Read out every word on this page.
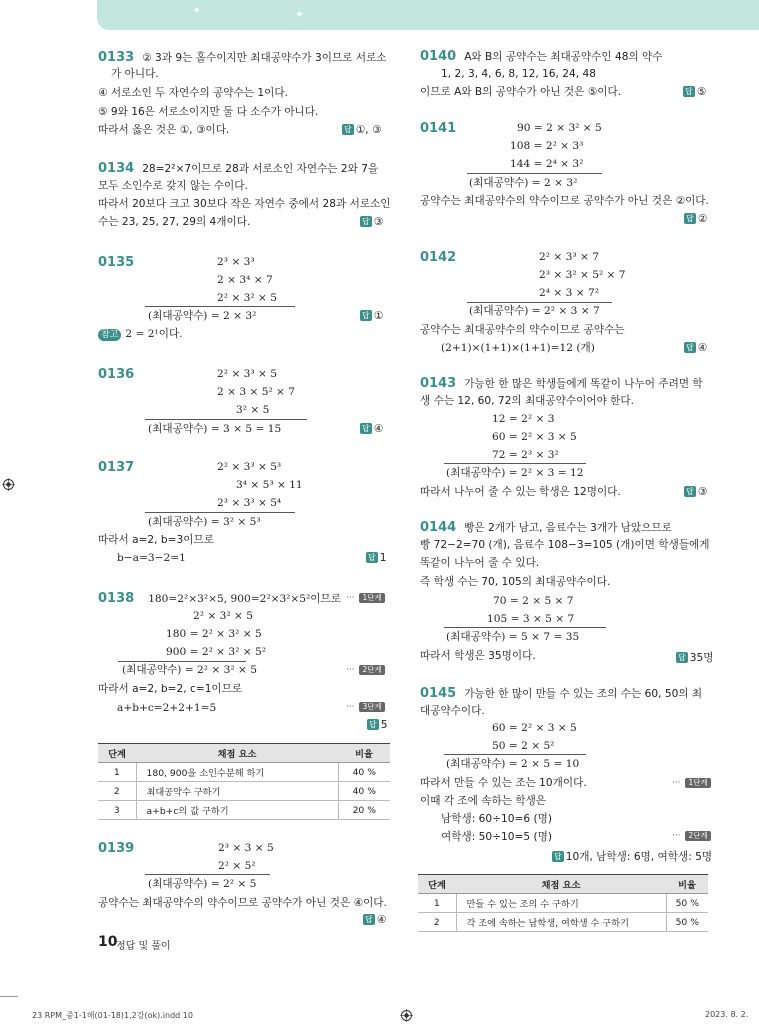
✦	✦
0133 ② 3과 9는 홀수이지만 최대공약수가 3이므로 서로소
가 아니다.
④ 서로소인 두 자연수의 공약수는 1이다.
⑤ 9와 16은 서로소이지만 둘 다 소수가 아니다.
따라서 옳은 것은 ①, ③이다.	답 ①, ③
0134 28=2²×7이므로 28과 서로소인 자연수는 2와 7을
모두 소인수로 갖지 않는 수이다.
따라서 20보다 크고 30보다 작은 자연수 중에서 28과 서로소인
수는 23, 25, 27, 29의 4개이다.	답 ③
0135	2³ × 3³
2 × 3⁴ × 7
2² × 3² × 5
(최대공약수) = 2 × 3²	답 ①
참고 2 = 2¹이다.
0136	2² × 3³ × 5
2 × 3 × 5² × 7
3² × 5
(최대공약수) = 3 × 5 = 15	답 ④
0137	2² × 3³ × 5³
3⁴ × 5³ × 11
2³ × 3³ × 5⁴
(최대공약수) = 3² × 5³
따라서 a=2, b=3이므로
b−a=3−2=1	답 1
0138 180=2²×3²×5, 900=2²×3²×5²이므로 ··· 1단계
2² × 3² × 5
180 = 2² × 3² × 5
900 = 2² × 3² × 5²
(최대공약수) = 2² × 3² × 5	··· 2단계
따라서 a=2, b=2, c=1이므로
a+b+c=2+2+1=5	··· 3단계
답 5
단계	채점 요소	비율
1	180, 900을 소인수분해 하기	40 %
2	최대공약수 구하기	40 %
3	a+b+c의 값 구하기	20 %
0139	2³ × 3 × 5
2² × 5²
(최대공약수) = 2² × 5
공약수는 최대공약수의 약수이므로 공약수가 아닌 것은 ④이다.
답 ④
0140 A와 B의 공약수는 최대공약수인 48의 약수
1, 2, 3, 4, 6, 8, 12, 16, 24, 48
이므로 A와 B의 공약수가 아닌 것은 ⑤이다.	답 ⑤
0141	90 = 2 × 3² × 5
108 = 2² × 3³
144 = 2⁴ × 3²
(최대공약수) = 2 × 3²
공약수는 최대공약수의 약수이므로 공약수가 아닌 것은 ②이다.
답 ②
0142	2² × 3³ × 7
2³ × 3² × 5² × 7
2⁴ × 3 × 7²
(최대공약수) = 2² × 3 × 7
공약수는 최대공약수의 약수이므로 공약수는
(2+1)×(1+1)×(1+1)=12 (개)	답 ④
0143 가능한 한 많은 학생들에게 똑같이 나누어 주려면 학
생 수는 12, 60, 72의 최대공약수이어야 한다.
12 = 2² × 3
60 = 2² × 3 × 5
72 = 2³ × 3²
(최대공약수) = 2² × 3 = 12
따라서 나누어 줄 수 있는 학생은 12명이다.	답 ③
0144 빵은 2개가 남고, 음료수는 3개가 남았으므로
빵 72−2=70 (개), 음료수 108−3=105 (개)이면 학생들에게
똑같이 나누어 줄 수 있다.
즉 학생 수는 70, 105의 최대공약수이다.
70 = 2 × 5 × 7
105 = 3 × 5 × 7
(최대공약수) = 5 × 7 = 35
따라서 학생은 35명이다.	답 35명
0145 가능한 한 많이 만들 수 있는 조의 수는 60, 50의 최
대공약수이다.
60 = 2² × 3 × 5
50 = 2 × 5²
(최대공약수) = 2 × 5 = 10
따라서 만들 수 있는 조는 10개이다.	··· 1단계
이때 각 조에 속하는 학생은
남학생: 60÷10=6 (명)
여학생: 50÷10=5 (명)	··· 2단계
답 10개, 남학생: 6명, 여학생: 5명
단계	채점 요소	비율
1	만들 수 있는 조의 수 구하기	50 %
2	각 조에 속하는 남학생, 여학생 수 구하기	50 %
10
정답 및 풀이
23 RPM_중1-1해(01-18)1,2강(ok).indd 10	2023. 8. 2.
